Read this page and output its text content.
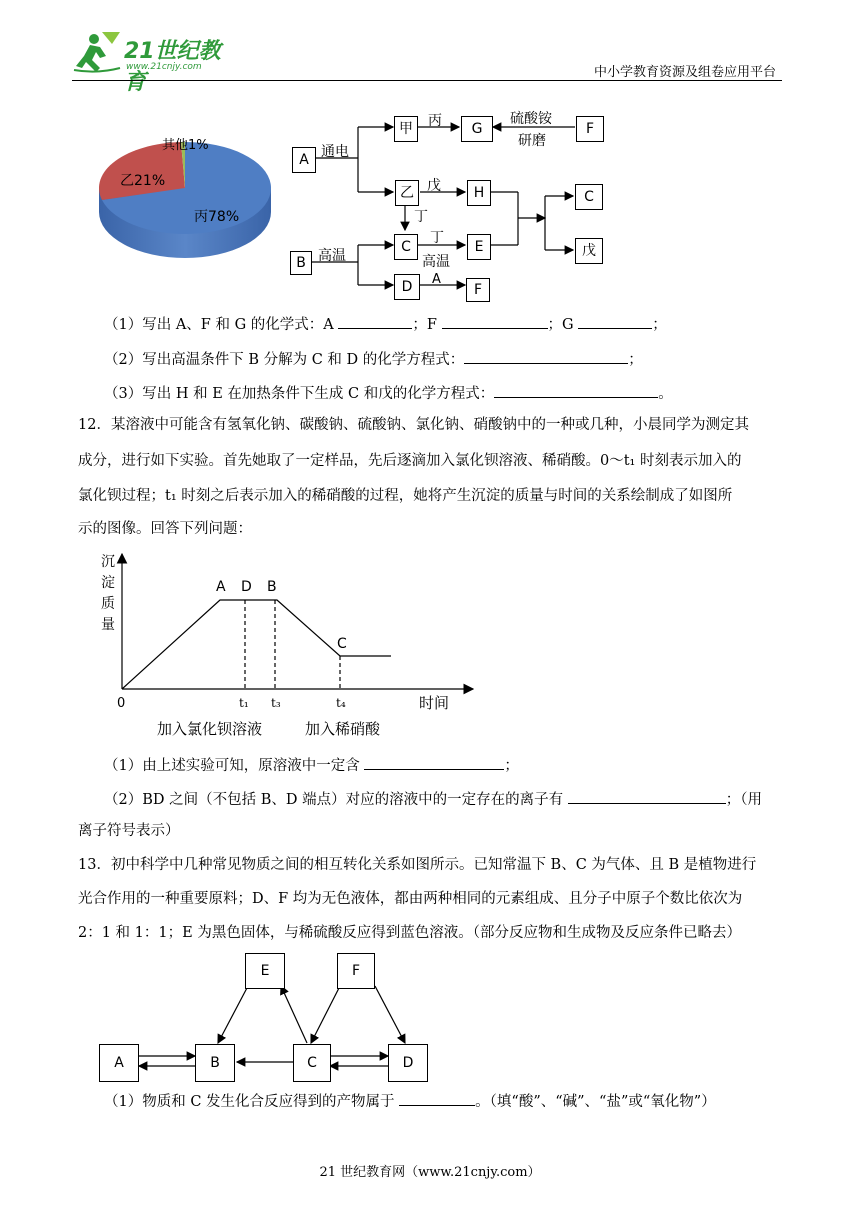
21世纪教育
www.21cnjy.com	中小学教育资源及组卷应用平台
其他1%
乙21%
丙78%
A
甲	G	F
乙	H	C
B
C	E	戊
D	F
通电
丙	硫酸铵
研磨
戊
丁
丁
高温	高温
A
（1）写出 A、F 和 G 的化学式：A	；F	；G	；
（2）写出高温条件下 B 分解为 C 和 D 的化学方程式：	；
（3）写出 H 和 E 在加热条件下生成 C 和戊的化学方程式：	。
12．某溶液中可能含有氢氧化钠、碳酸钠、硫酸钠、氯化钠、硝酸钠中的一种或几种，小晨同学为测定其
成分，进行如下实验。首先她取了一定样品，先后逐滴加入氯化钡溶液、稀硝酸。0～t₁ 时刻表示加入的
氯化钡过程；t₁ 时刻之后表示加入的稀硝酸的过程，她将产生沉淀的质量与时间的关系绘制成了如图所
示的图像。回答下列问题：
沉
淀
质
量
A D B
C
0	t₁ t₃	t₄	时间
加入氯化钡溶液	加入稀硝酸
（1）由上述实验可知，原溶液中一定含	；
（2）BD 之间（不包括 B、D 端点）对应的溶液中的一定存在的离子有	；（用
离子符号表示）
13．初中科学中几种常见物质之间的相互转化关系如图所示。已知常温下 B、C 为气体、且 B 是植物进行
光合作用的一种重要原料；D、F 均为无色液体，都由两种相同的元素组成、且分子中原子个数比依次为
2：1 和 1：1；E 为黑色固体，与稀硫酸反应得到蓝色溶液。（部分反应物和生成物及反应条件已略去）
E	F
A	B	C	D
（1）物质和 C 发生化合反应得到的产物属于	。（填“酸”、“碱”、“盐”或“氧化物”）
21 世纪教育网（www.21cnjy.com）
